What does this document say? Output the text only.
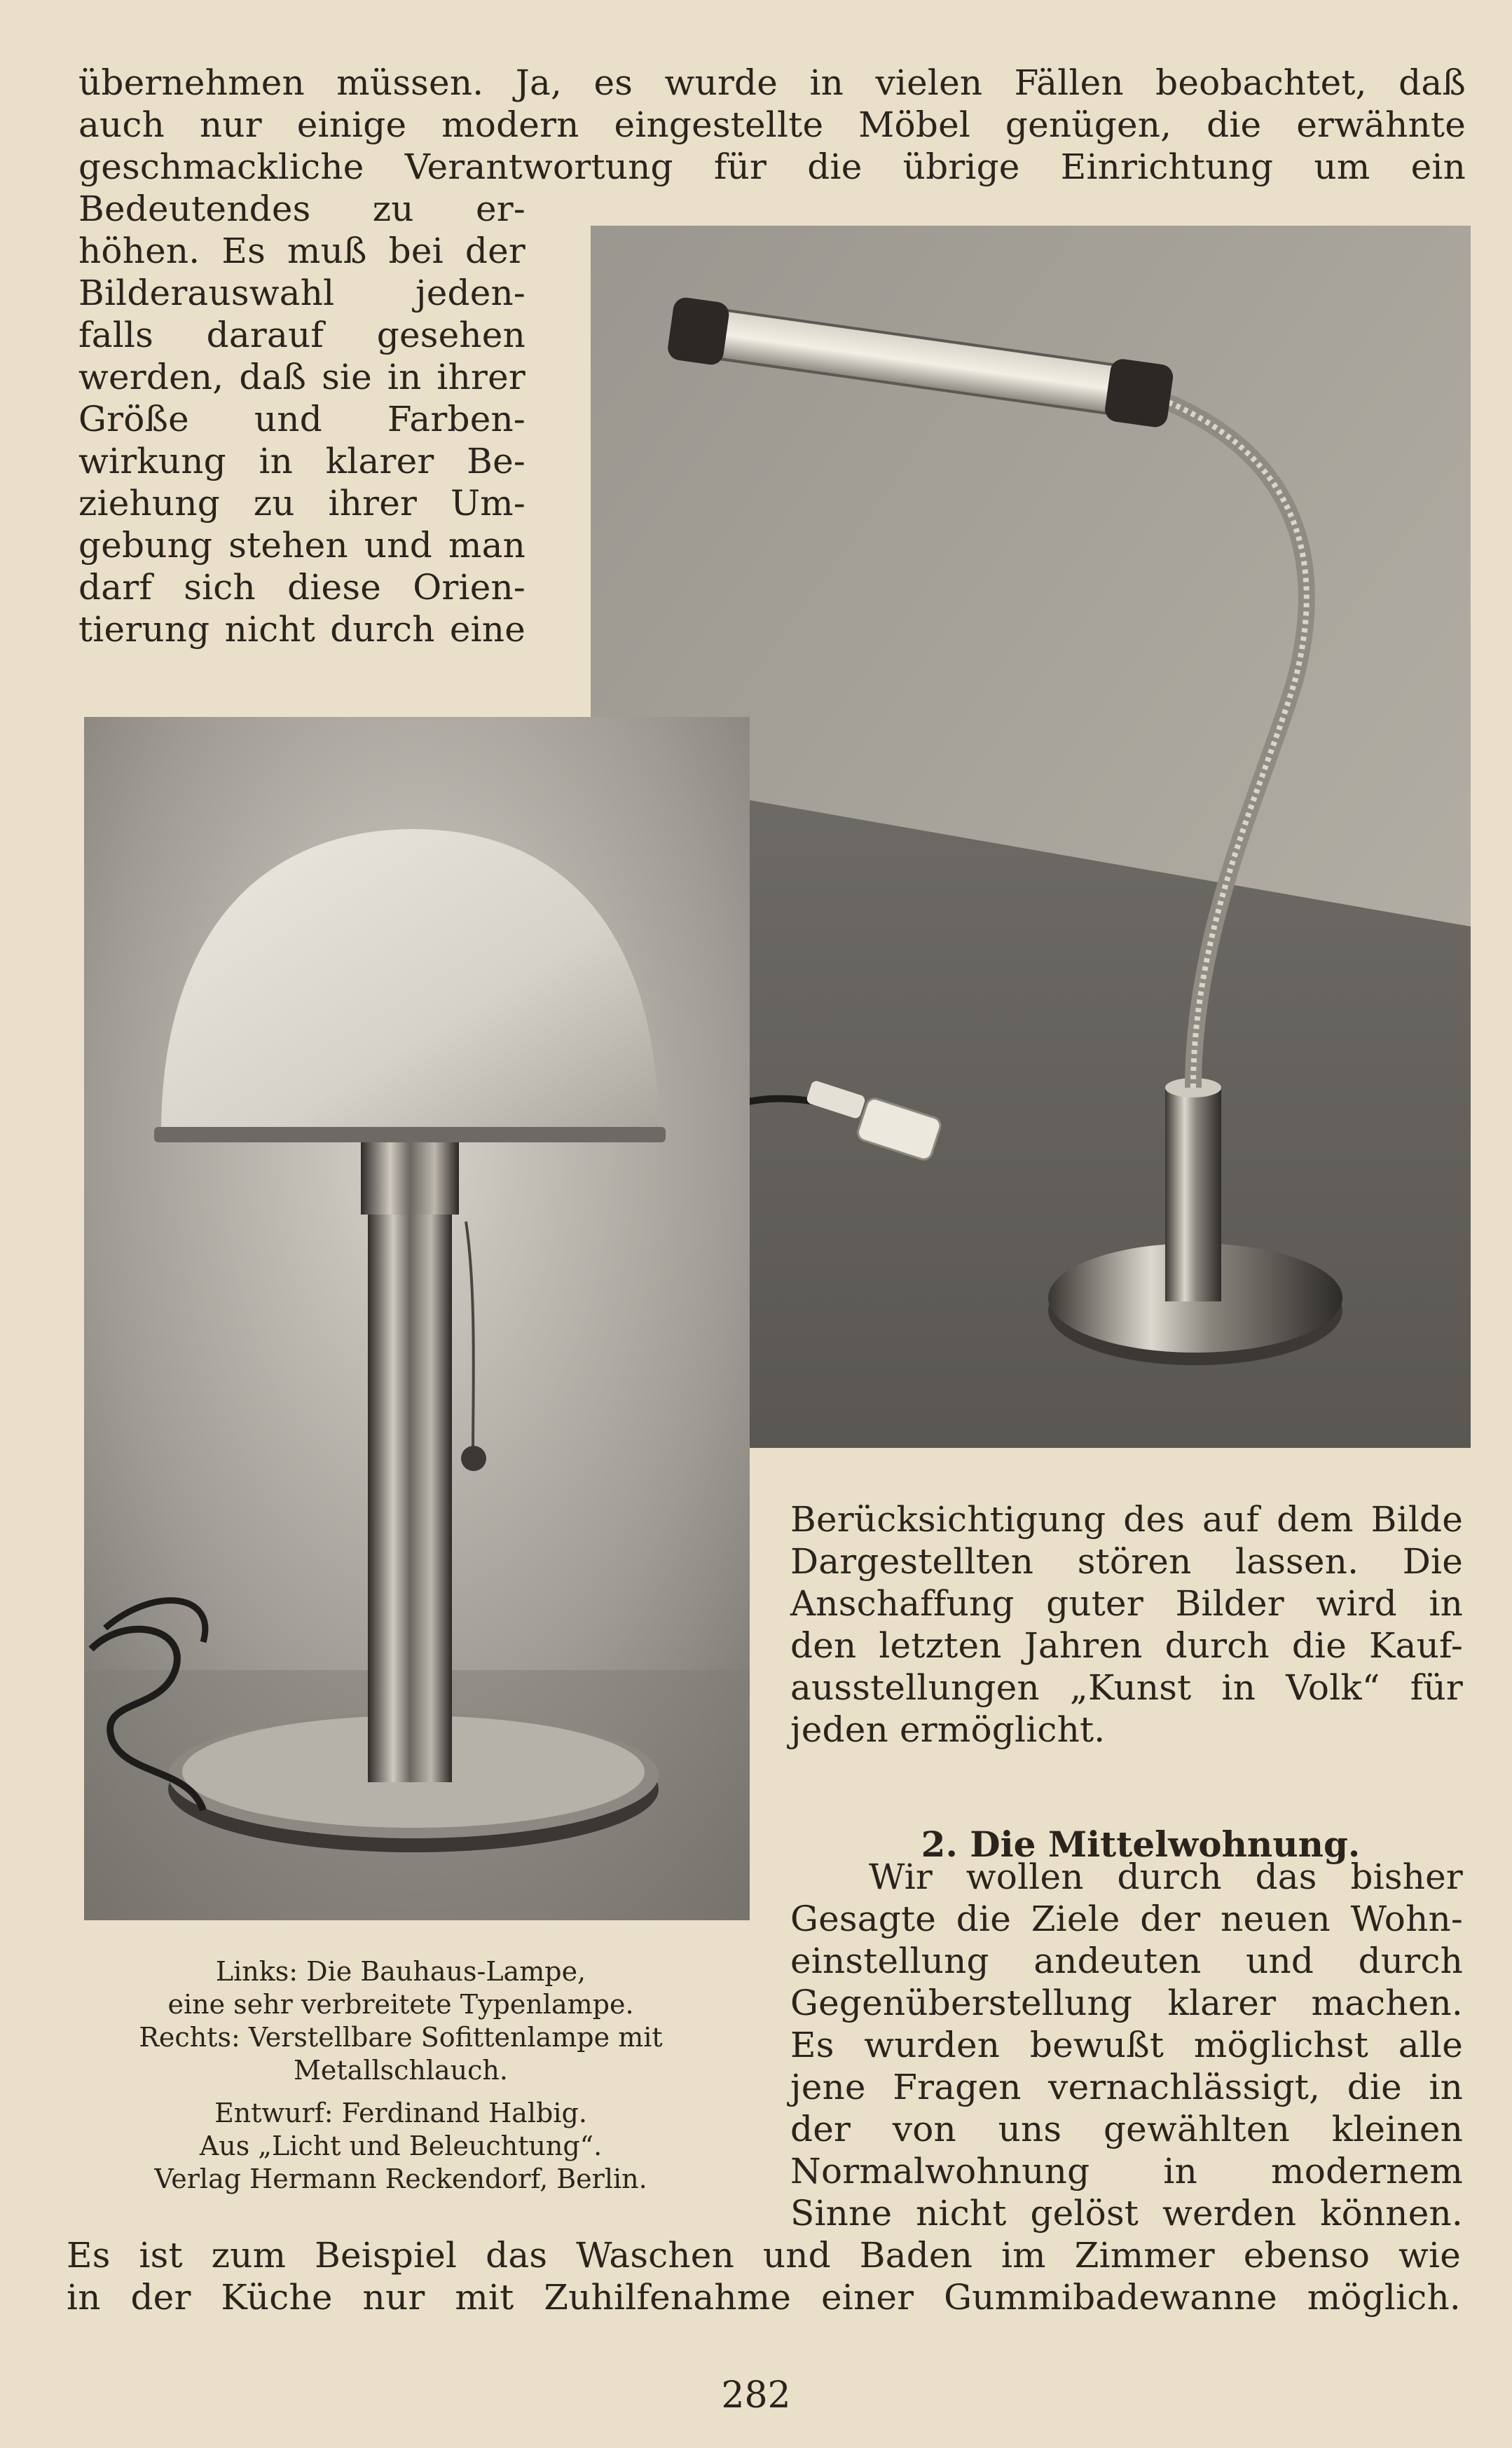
übernehmen müssen. Ja, es wurde in vielen Fällen beobachtet, daß

auch nur einige modern eingestellte Möbel genügen, die erwähnte

geschmackliche Verantwortung für die übrige Einrichtung um ein

Bedeutendes zu er-

höhen. Es muß bei der

Bilderauswahl jeden-

falls darauf gesehen

werden, daß sie in ihrer

Größe und Farben-

wirkung in klarer Be-

ziehung zu ihrer Um-

gebung stehen und man

darf sich diese Orien-

tierung nicht durch eine

Links: Die Bauhaus-Lampe,
eine sehr verbreitete Typenlampe.
Rechts: Verstellbare Sofittenlampe mit
Metallschlauch.
Entwurf: Ferdinand Halbig.
Aus „Licht und Beleuchtung“.
Verlag Hermann Reckendorf, Berlin.

Berücksichtigung des auf dem Bilde

Dargestellten stören lassen. Die

Anschaffung guter Bilder wird in

den letzten Jahren durch die Kauf-

ausstellungen „Kunst in Volk“ für

jeden ermöglicht.

2. Die Mittelwohnung.

Wir wollen durch das bisher

Gesagte die Ziele der neuen Wohn-

einstellung andeuten und durch

Gegenüberstellung klarer machen.

Es wurden bewußt möglichst alle

jene Fragen vernachlässigt, die in

der von uns gewählten kleinen

Normalwohnung in modernem

Sinne nicht gelöst werden können.

Es ist zum Beispiel das Waschen und Baden im Zimmer ebenso wie

in der Küche nur mit Zuhilfenahme einer Gummibadewanne möglich.

282
